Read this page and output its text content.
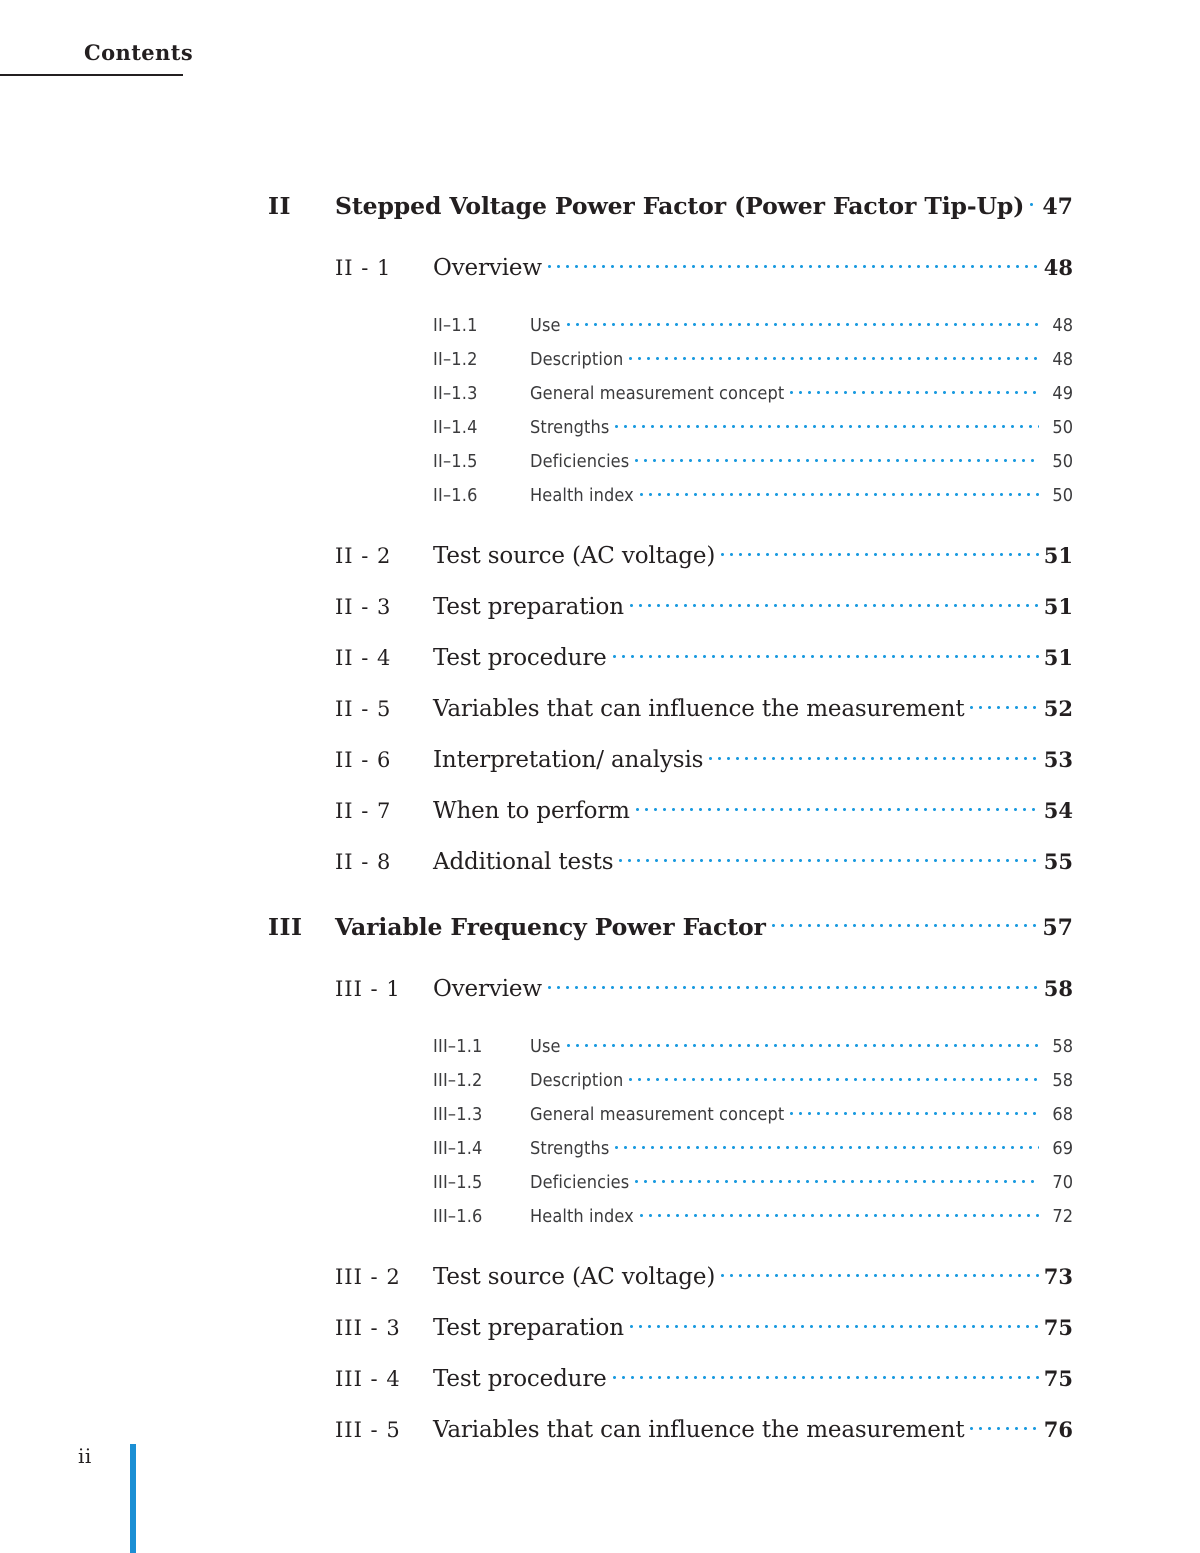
Contents
II Stepped Voltage Power Factor (Power Factor Tip-Up) 47
II - 1 Overview	48
II–1.1	Use	48
II–1.2	Description	48
II–1.3	General measurement concept	49
II–1.4	Strengths	50
II–1.5	Deficiencies	50
II–1.6	Health index	50
II - 2 Test source (AC voltage)	51
II - 3 Test preparation	51
II - 4 Test procedure	51
II - 5 Variables that can influence the measurement	52
II - 6 Interpretation/ analysis	53
II - 7 When to perform	54
II - 8 Additional tests	55
III Variable Frequency Power Factor	57
III - 1 Overview	58
III–1.1	Use	58
III–1.2	Description	58
III–1.3	General measurement concept	68
III–1.4	Strengths	69
III–1.5	Deficiencies	70
III–1.6	Health index	72
III - 2 Test source (AC voltage)	73
III - 3 Test preparation	75
III - 4 Test procedure	75
III - 5 Variables that can influence the measurement	76
ii
